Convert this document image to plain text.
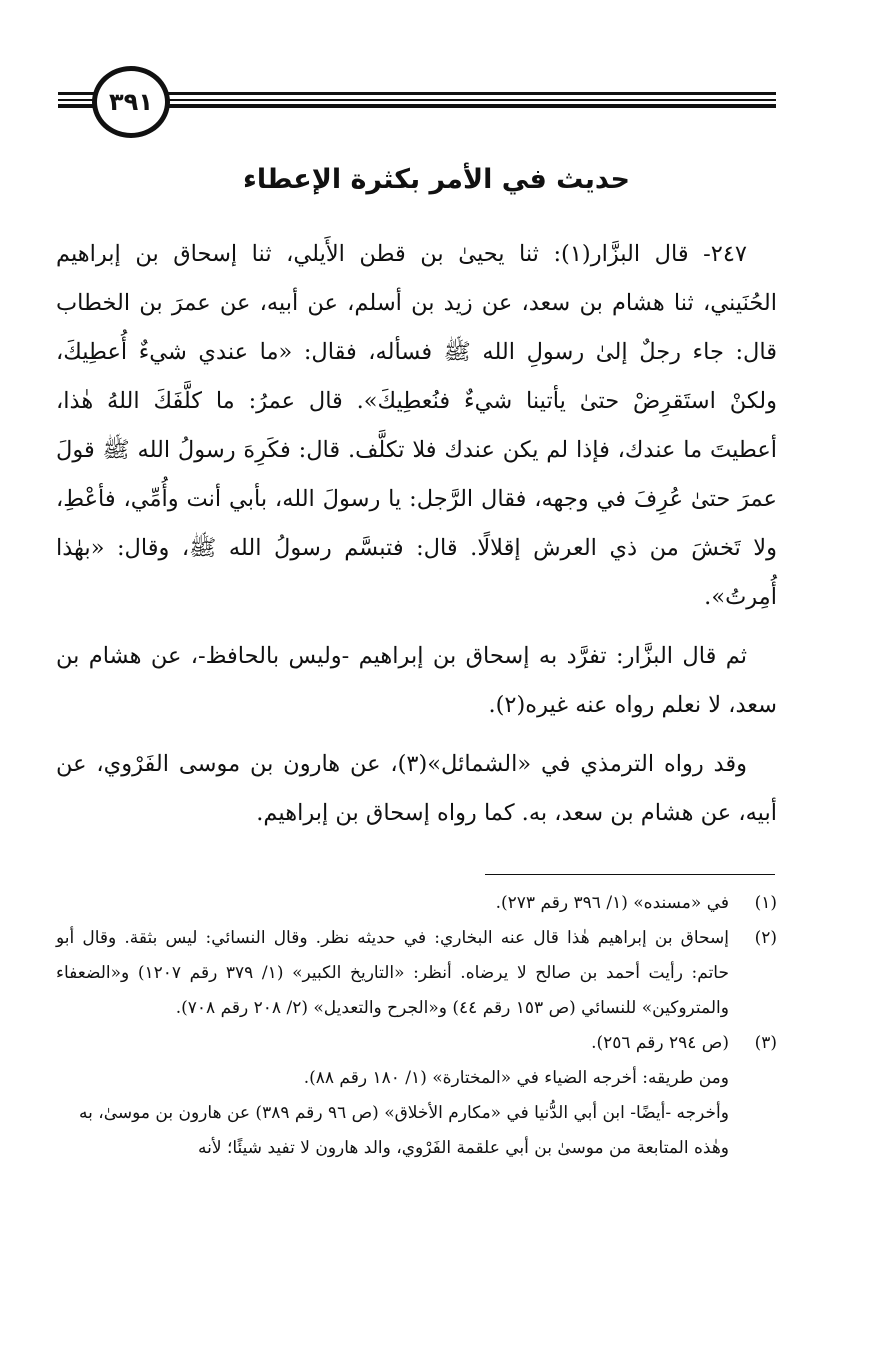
٣٩١
حديث في الأمر بكثرة الإعطاء

٢٤٧- قال البزَّار(١): ثنا يحيىٰ بن قطن الأَيلي، ثنا إسحاق بن إبراهيم الحُنَيني، ثنا هشام بن سعد، عن زيد بن أسلم، عن أبيه، عن عمرَ بن الخطاب قال: جاء رجلٌ إلىٰ رسولِ الله ﷺ فسأله، فقال: «ما عندي شيءٌ أُعطِيكَ، ولكنْ استَقرِضْ حتىٰ يأتينا شيءٌ فنُعطِيكَ». قال عمرُ: ما كلَّفَكَ اللهُ هٰذا، أعطيتَ ما عندك، فإذا لم يكن عندك فلا تكلَّف. قال: فكَرِهَ رسولُ الله ﷺ قولَ عمرَ حتىٰ عُرِفَ في وجهه، فقال الرَّجل: يا رسولَ الله، بأبي أنت وأُمِّي، فأعْطِ، ولا تَخشَ من ذي العرش إقلالًا. قال: فتبسَّم رسولُ الله ﷺ، وقال: «بهٰذا أُمِرتُ».

ثم قال البزَّار: تفرَّد به إسحاق بن إبراهيم -وليس بالحافظ-، عن هشام بن سعد، لا نعلم رواه عنه غيره(٢).

وقد رواه الترمذي في «الشمائل»(٣)، عن هارون بن موسى الفَرْوي، عن أبيه، عن هشام بن سعد، به. كما رواه إسحاق بن إبراهيم.

(١)
في «مسنده» (١/ ٣٩٦ رقم ٢٧٣).
(٢)
إسحاق بن إبراهيم هٰذا قال عنه البخاري: في حديثه نظر. وقال النسائي: ليس بثقة. وقال أبو حاتم: رأيت أحمد بن صالح لا يرضاه. أنظر: «التاريخ الكبير» (١/ ٣٧٩ رقم ١٢٠٧) و«الضعفاء والمتروكين» للنسائي (ص ١٥٣ رقم ٤٤) و«الجرح والتعديل» (٢/ ٢٠٨ رقم ٧٠٨).
(٣)
(ص ٢٩٤ رقم ٢٥٦).
ومن طريقه: أخرجه الضياء في «المختارة» (١/ ١٨٠ رقم ٨٨).
وأخرجه -أيضًا- ابن أبي الدُّنيا في «مكارم الأخلاق» (ص ٩٦ رقم ٣٨٩) عن هارون بن موسىٰ، به
وهٰذه المتابعة من موسىٰ بن أبي علقمة الفَرْوي، والد هارون لا تفيد شيئًا؛ لأنه
